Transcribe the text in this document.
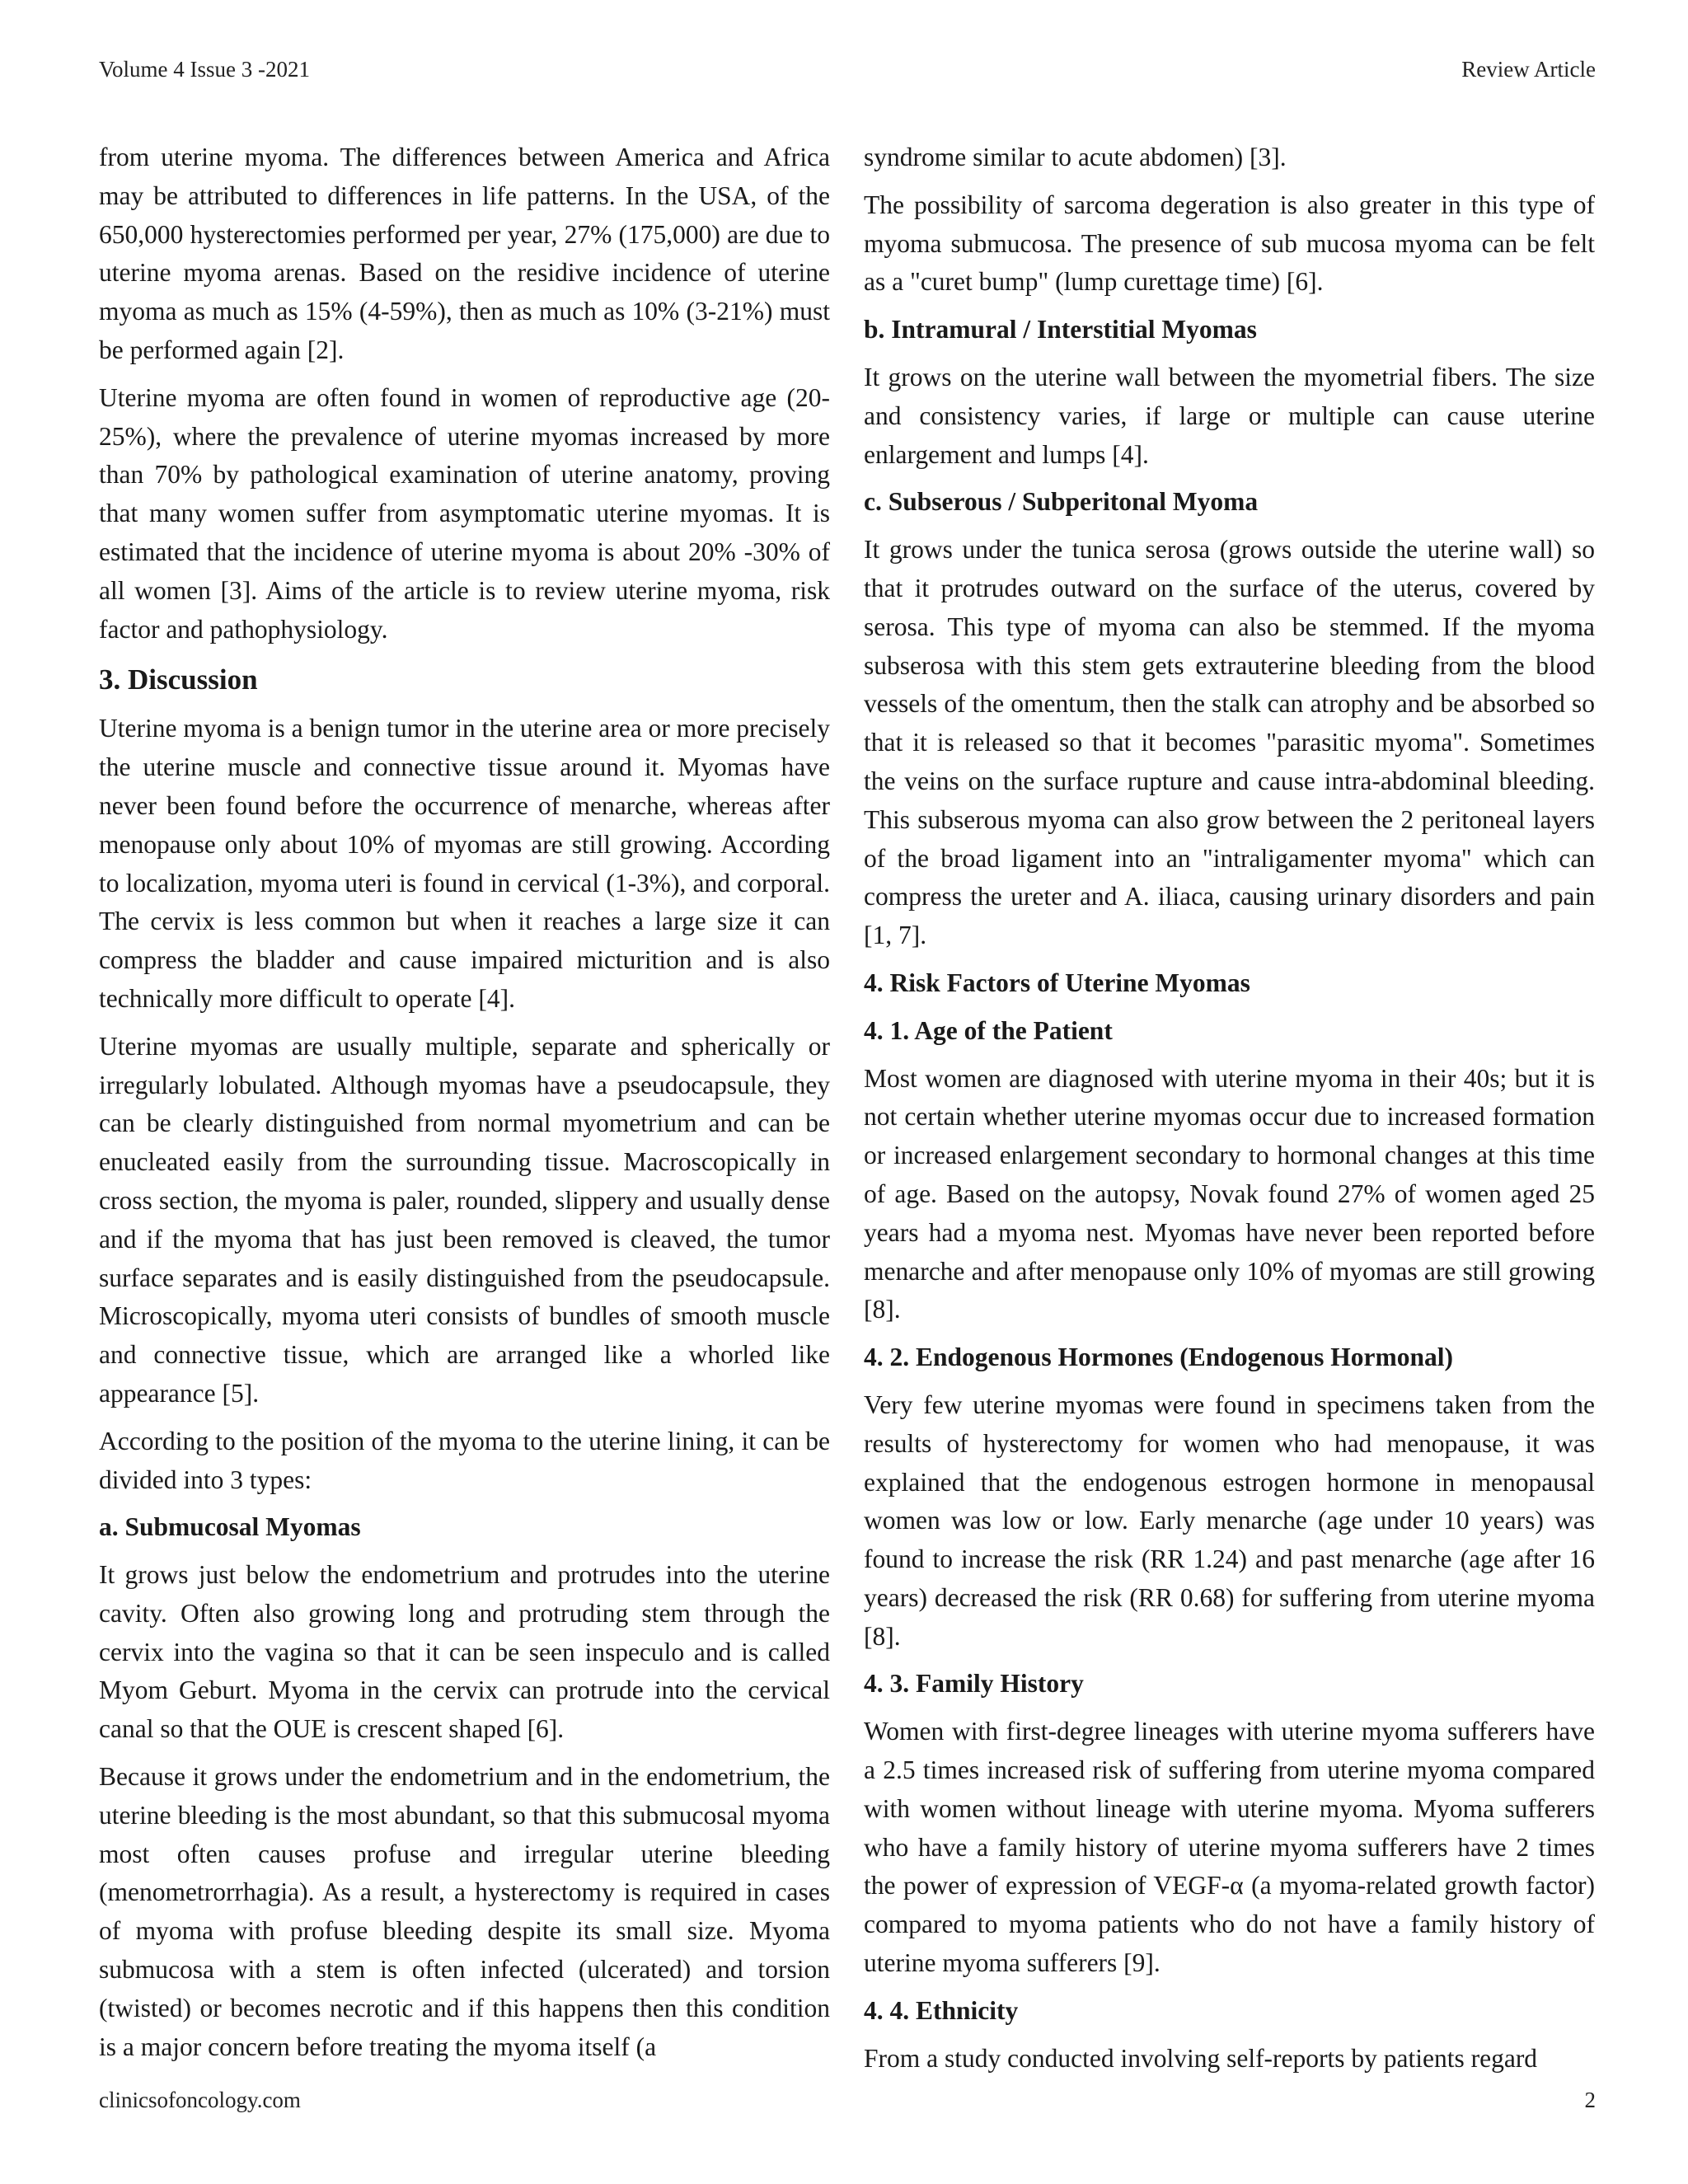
Volume 4 Issue 3 -2021	Review Article

from uterine myoma. The differences between America and Africa may be attributed to differences in life patterns. In the USA, of the 650,000 hysterectomies performed per year, 27% (175,000) are due to uterine myoma arenas. Based on the residive incidence of uterine myoma as much as 15% (4-59%), then as much as 10% (3-21%) must be performed again [2].

Uterine myoma are often found in women of reproductive age (20-25%), where the prevalence of uterine myomas increased by more than 70% by pathological examination of uterine anatomy, proving that many women suffer from asymptomatic uterine myomas. It is estimated that the incidence of uterine myoma is about 20% -30% of all women [3]. Aims of the article is to review uterine myoma, risk factor and pathophysiology.

3. Discussion

Uterine myoma is a benign tumor in the uterine area or more precisely the uterine muscle and connective tissue around it. Myomas have never been found before the occurrence of menarche, whereas after menopause only about 10% of myomas are still growing. According to localization, myoma uteri is found in cervical (1-3%), and corporal. The cervix is less common but when it reaches a large size it can compress the bladder and cause impaired micturition and is also technically more difficult to operate [4].

Uterine myomas are usually multiple, separate and spherically or irregularly lobulated. Although myomas have a pseudocapsule, they can be clearly distinguished from normal myometrium and can be enucleated easily from the surrounding tissue. Macroscopically in cross section, the myoma is paler, rounded, slippery and usually dense and if the myoma that has just been removed is cleaved, the tumor surface separates and is easily distinguished from the pseudocapsule. Microscopically, myoma uteri consists of bundles of smooth muscle and connective tissue, which are arranged like a whorled like appearance [5].

According to the position of the myoma to the uterine lining, it can be divided into 3 types:

a. Submucosal Myomas

It grows just below the endometrium and protrudes into the uterine cavity. Often also growing long and protruding stem through the cervix into the vagina so that it can be seen inspeculo and is called Myom Geburt. Myoma in the cervix can protrude into the cervical canal so that the OUE is crescent shaped [6].

Because it grows under the endometrium and in the endometrium, the uterine bleeding is the most abundant, so that this submucosal myoma most often causes profuse and irregular uterine bleeding (menometrorrhagia). As a result, a hysterectomy is required in cases of myoma with profuse bleeding despite its small size. Myoma submucosa with a stem is often infected (ulcerated) and torsion (twisted) or becomes necrotic and if this happens then this condition is a major concern before treating the myoma itself (a

syndrome similar to acute abdomen) [3].

The possibility of sarcoma degeration is also greater in this type of myoma submucosa. The presence of sub mucosa myoma can be felt as a "curet bump" (lump curettage time) [6].

b. Intramural / Interstitial Myomas

It grows on the uterine wall between the myometrial fibers. The size and consistency varies, if large or multiple can cause uterine enlargement and lumps [4].

c. Subserous / Subperitonal Myoma

It grows under the tunica serosa (grows outside the uterine wall) so that it protrudes outward on the surface of the uterus, covered by serosa. This type of myoma can also be stemmed. If the myoma subserosa with this stem gets extrauterine bleeding from the blood vessels of the omentum, then the stalk can atrophy and be absorbed so that it is released so that it becomes "parasitic myoma". Sometimes the veins on the surface rupture and cause intra-abdominal bleeding. This subserous myoma can also grow between the 2 peritoneal layers of the broad ligament into an "intraligamenter myoma" which can compress the ureter and A. iliaca, causing urinary disorders and pain [1, 7].

4. Risk Factors of Uterine Myomas
4. 1. Age of the Patient

Most women are diagnosed with uterine myoma in their 40s; but it is not certain whether uterine myomas occur due to increased formation or increased enlargement secondary to hormonal changes at this time of age. Based on the autopsy, Novak found 27% of women aged 25 years had a myoma nest. Myomas have never been reported before menarche and after menopause only 10% of myomas are still growing [8].

4. 2. Endogenous Hormones (Endogenous Hormonal)

Very few uterine myomas were found in specimens taken from the results of hysterectomy for women who had menopause, it was explained that the endogenous estrogen hormone in menopausal women was low or low. Early menarche (age under 10 years) was found to increase the risk (RR 1.24) and past menarche (age after 16 years) decreased the risk (RR 0.68) for suffering from uterine myoma [8].

4. 3. Family History

Women with first-degree lineages with uterine myoma sufferers have a 2.5 times increased risk of suffering from uterine myoma compared with women without lineage with uterine myoma. Myoma sufferers who have a family history of uterine myoma sufferers have 2 times the power of expression of VEGF-α (a myoma-related growth factor) compared to myoma patients who do not have a family history of uterine myoma sufferers [9].

4. 4. Ethnicity

From a study conducted involving self-reports by patients regard

clinicsofoncology.com	2
